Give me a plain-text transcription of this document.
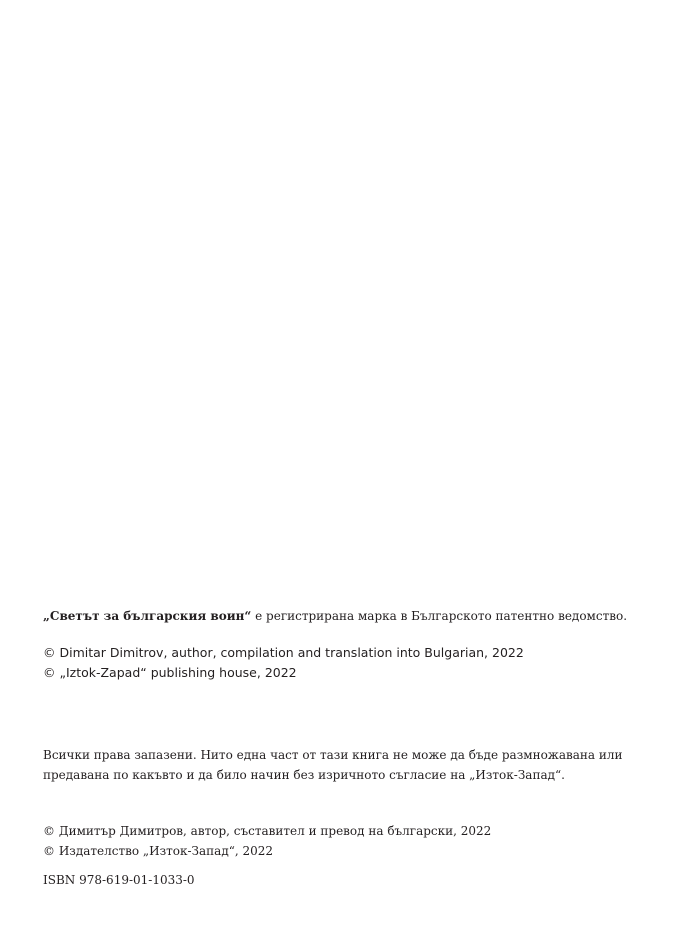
„Светът за българския воин“ е регистрирана марка в Българското патентно ведомство.
© Dimitar Dimitrov, author, compilation and translation into Bulgarian, 2022
© „Iztok-Zapad“ publishing house, 2022
Всички права запазени. Нито една част от тази книга не може да бъде размножавана или
предавана по какъвто и да било начин без изричното съгласие на „Изток-Запад“.
© Димитър Димитров, автор, съставител и превод на български, 2022
© Издателство „Изток-Запад“, 2022
ISBN 978-619-01-1033-0
